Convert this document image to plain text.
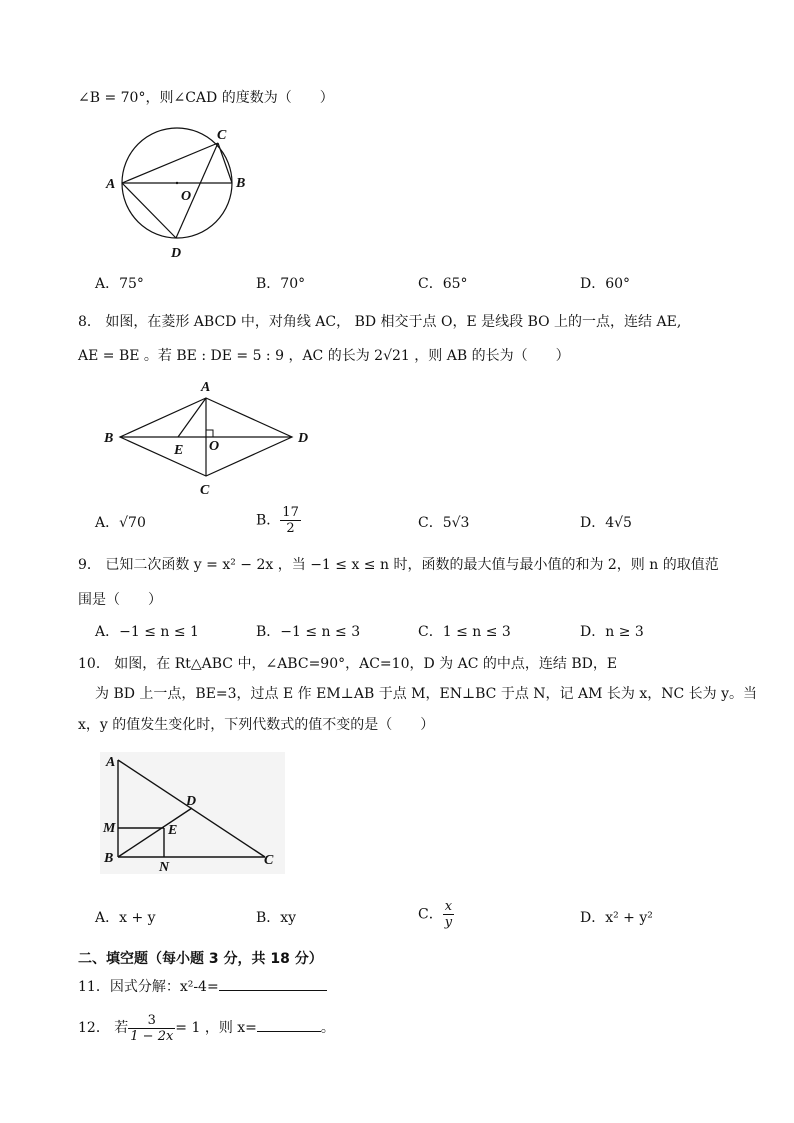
∠B = 70°，则∠CAD 的度数为（　　）
A	B
C
D
O
A．75°	B．70°	C．65°	D．60°
8． 如图，在菱形 ABCD 中，对角线 AC， BD 相交于点 O，E 是线段 BO 上的一点，连结 AE,
AE = BE 。若 BE : DE = 5 : 9 ，AC 的长为 2√21 ，则 AB 的长为（　　）
A
B
C
D
E O
A．√70	B． $\frac{17}{2}$	C．5√3	D．4√5
9． 已知二次函数 y = x² − 2x ，当 −1 ≤ x ≤ n 时，函数的最大值与最小值的和为 2，则 n 的取值范
围是（　　）
A．−1 ≤ n ≤ 1	B．−1 ≤ n ≤ 3	C．1 ≤ n ≤ 3	D．n ≥ 3
10． 如图，在 Rt△ABC 中，∠ABC=90°，AC=10，D 为 AC 的中点，连结 BD，E
为 BD 上一点，BE=3，过点 E 作 EM⊥AB 于点 M，EN⊥BC 于点 N，记 AM 长为 x，NC 长为 y。当
x，y 的值发生变化时，下列代数式的值不变的是（　　）
A
B	C
D
E
M
N
A．x + y	B．xy	C． $\frac{x}{y}$	D．x² + y²
二、填空题（每小题 3 分，共 18 分）
11．因式分解：x²-4=
12． 若 $\frac{3}{1 - 2x} = 1$ ，则 x=	。
